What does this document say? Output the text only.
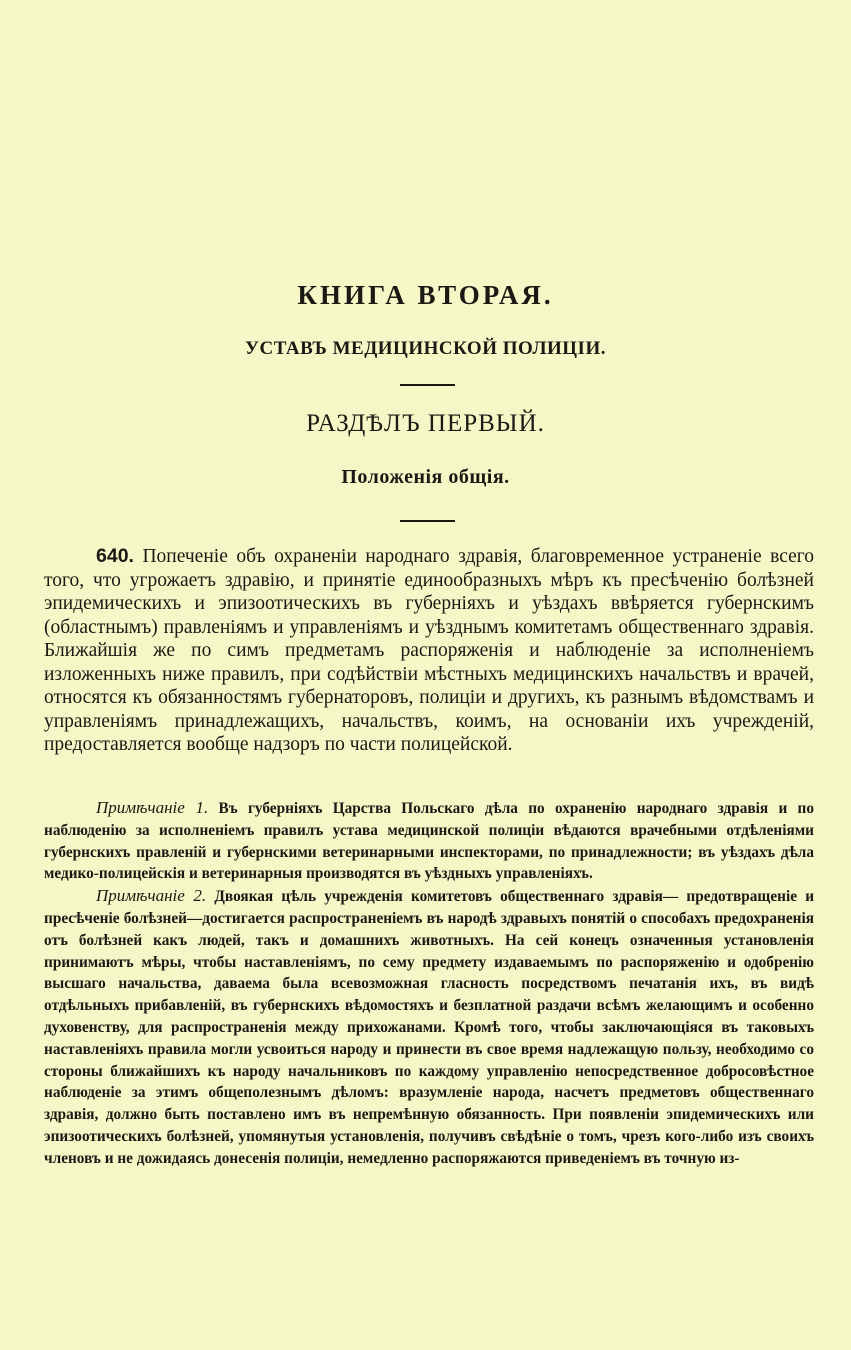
КНИГА ВТОРАЯ.
УСТАВЪ МЕДИЦИНСКОЙ ПОЛИЦІИ.
РАЗДѢЛЪ ПЕРВЫЙ.
Положенія общія.

640. Попеченіе объ охраненіи народнаго здравія, благовременное устраненіе всего того, что угрожаетъ здравію, и принятіе единообразныхъ мѣръ къ пресѣченію болѣзней эпидемическихъ и эпизоотическихъ въ губерніяхъ и уѣздахъ ввѣряется губернскимъ (областнымъ) правленіямъ и управленіямъ и уѣзднымъ комитетамъ общественнаго здравія. Ближайшія же по симъ предметамъ распоряженія и наблюденіе за исполненіемъ изложенныхъ ниже правилъ, при содѣйствіи мѣстныхъ медицинскихъ начальствъ и врачей, относятся къ обязанностямъ губернаторовъ, полиціи и другихъ, къ разнымъ вѣдомствамъ и управленіямъ принадлежащихъ, начальствъ, коимъ, на основаніи ихъ учрежденій, предоставляется вообще надзоръ по части полицейской.

Примѣчаніе 1. Въ губерніяхъ Царства Польскаго дѣла по охраненію народнаго здравія и по наблюденію за исполненіемъ правилъ устава медицинской полиціи вѣдаются врачебными отдѣленіями губернскихъ правленій и губернскими ветеринарными инспекторами, по принадлежности; въ уѣздахъ дѣла медико-полицейскія и ветеринарныя производятся въ уѣздныхъ управленіяхъ.

Примѣчаніе 2. Двоякая цѣль учрежденія комитетовъ общественнаго здравія— предотвращеніе и пресѣченіе болѣзней—достигается распространеніемъ въ народѣ здравыхъ понятій о способахъ предохраненія отъ болѣзней какъ людей, такъ и домашнихъ животныхъ. На сей конецъ означенныя установленія принимаютъ мѣры, чтобы наставленіямъ, по сему предмету издаваемымъ по распоряженію и одобренію высшаго начальства, даваема была всевозможная гласность посредствомъ печатанія ихъ, въ видѣ отдѣльныхъ прибавленій, въ губернскихъ вѣдомостяхъ и безплатной раздачи всѣмъ желающимъ и особенно духовенству, для распространенія между прихожанами. Кромѣ того, чтобы заключающіяся въ таковыхъ наставленіяхъ правила могли усвоиться народу и принести въ свое время надлежащую пользу, необходимо со стороны ближайшихъ къ народу начальниковъ по каждому управленію непосредственное добросовѣстное наблюденіе за этимъ общеполезнымъ дѣломъ: вразумленіе народа, насчетъ предметовъ общественнаго здравія, должно быть поставлено имъ въ непремѣнную обязанность. При появленіи эпидемическихъ или эпизоотическихъ болѣзней, упомянутыя установленія, получивъ свѣдѣніе о томъ, чрезъ кого-либо изъ своихъ членовъ и не дожидаясь донесенія полиціи, немедленно распоряжаются приведеніемъ въ точную из-
